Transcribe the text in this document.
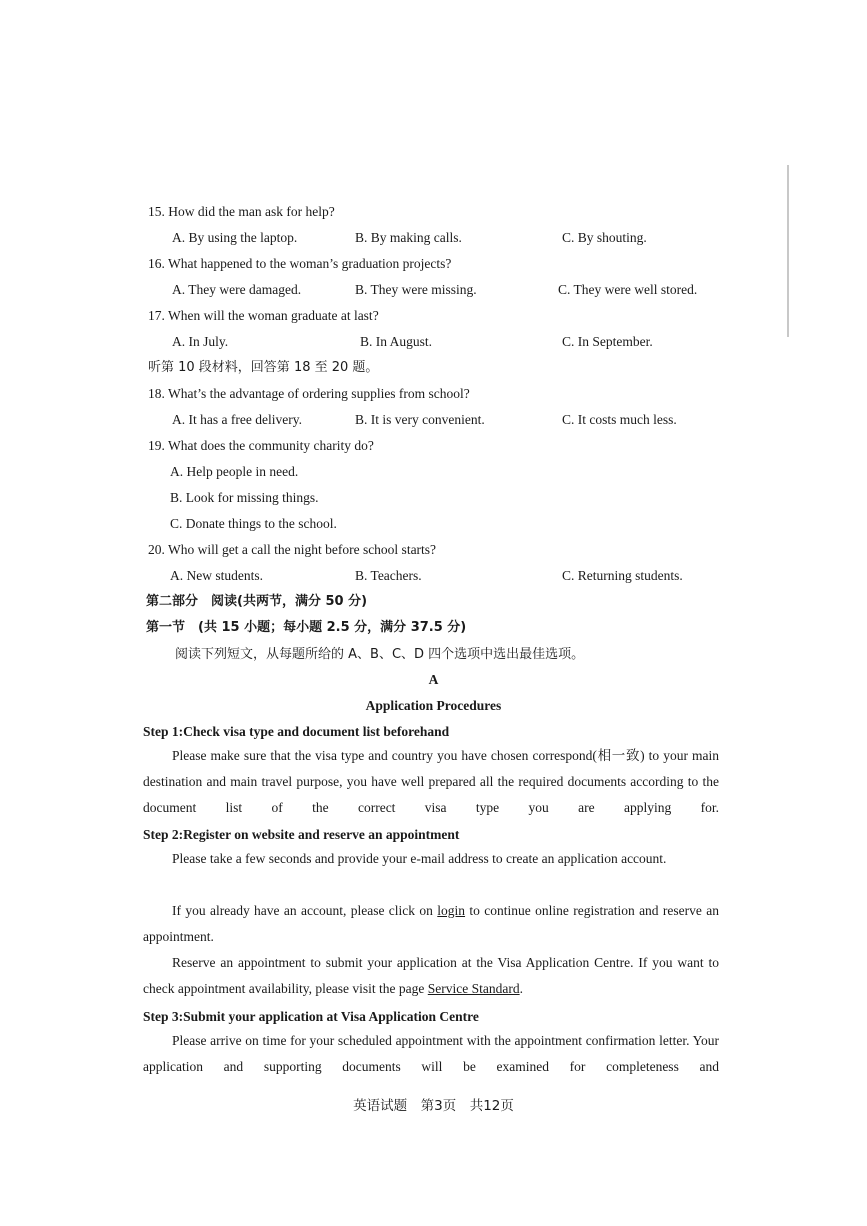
15. How did the man ask for help?
A. By using the laptop.	B. By making calls.	C. By shouting.
16. What happened to the woman’s graduation projects?
A. They were damaged.	B. They were missing.	C. They were well stored.
17. When will the woman graduate at last?
A. In July.	B. In August.	C. In September.
听第 10 段材料，回答第 18 至 20 题。
18. What’s the advantage of ordering supplies from school?
A. It has a free delivery.	B. It is very convenient.	C. It costs much less.
19. What does the community charity do?
A. Help people in need.
B. Look for missing things.
C. Donate things to the school.
20. Who will get a call the night before school starts?
A. New students.	B. Teachers.	C. Returning students.
第二部分　阅读(共两节，满分 50 分)
第一节　(共 15 小题；每小题 2.5 分，满分 37.5 分)
阅读下列短文，从每题所给的 A、B、C、D 四个选项中选出最佳选项。
A
Application Procedures
Step 1:Check visa type and document list beforehand
Please make sure that the visa type and country you have chosen correspond(相一致) to your main destination and main travel purpose, you have well prepared all the required documents according to the document list of the correct visa type you are applying for.
Step 2:Register on website and reserve an appointment
Please take a few seconds and provide your e-mail address to create an application account.
If you already have an account, please click on login to continue online registration and reserve an appointment.
Reserve an appointment to submit your application at the Visa Application Centre. If you want to check appointment availability, please visit the page Service Standard.
Step 3:Submit your application at Visa Application Centre
Please arrive on time for your scheduled appointment with the appointment confirmation letter. Your application and supporting documents will be examined for completeness and
英语试题　第3页　共12页
